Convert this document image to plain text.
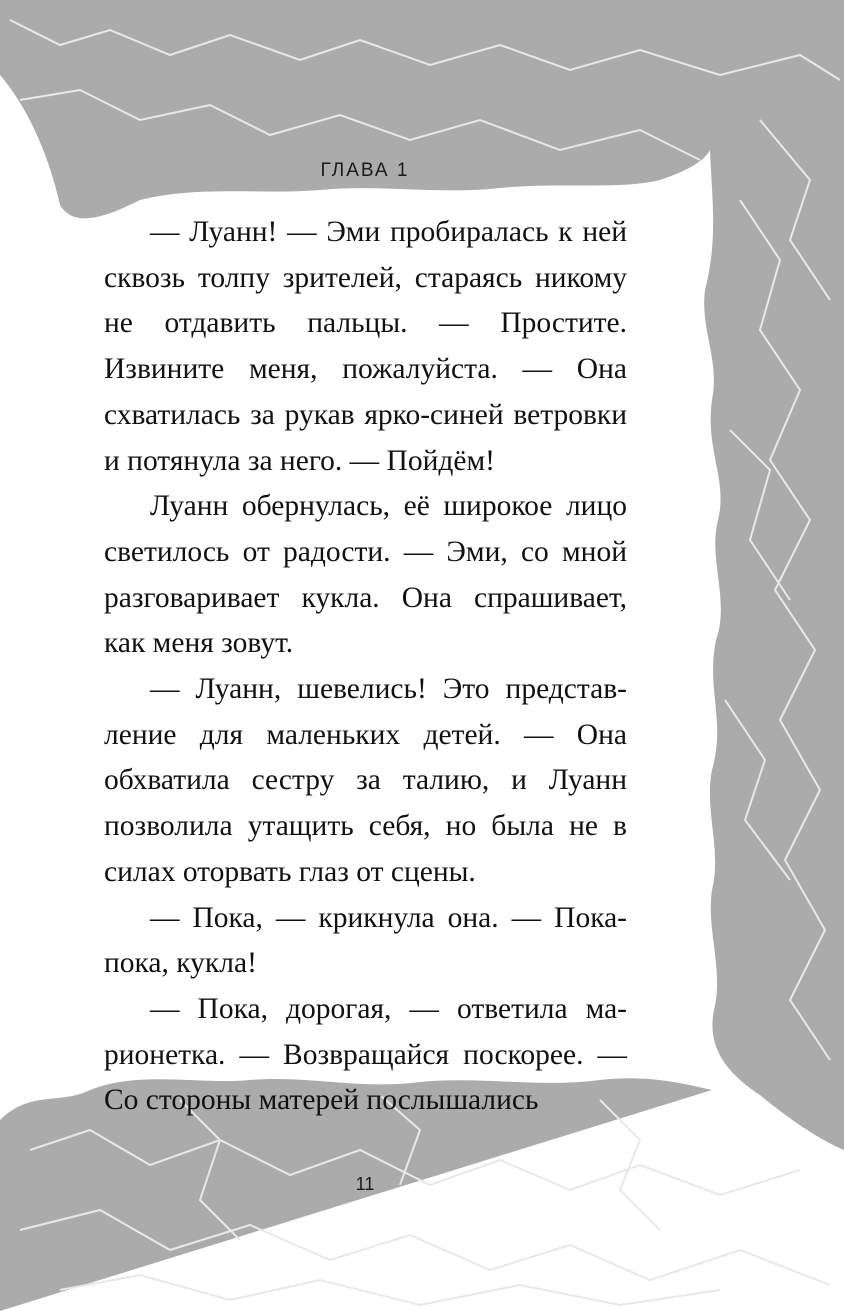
ГЛАВА 1

— Луанн! — Эми пробиралась к ней сквозь толпу зрителей, стараясь никому не отдавить пальцы. — Простите. Извините меня, пожалуйста. — Она схватилась за рукав ярко-синей ветровки и потянула за него. — Пойдём!

Луанн обернулась, её широкое лицо светилось от радости. — Эми, со мной разговаривает кукла. Она спрашивает, как меня зовут.

— Луанн, шевелись! Это представление для маленьких детей. — Она обхватила сестру за талию, и Луанн позволила утащить себя, но была не в силах оторвать глаз от сцены.

— Пока, — крикнула она. — Пока-пока, кукла!

— Пока, дорогая, — ответила марионетка. — Возвращайся поскорее. — Со стороны матерей послышались

11
